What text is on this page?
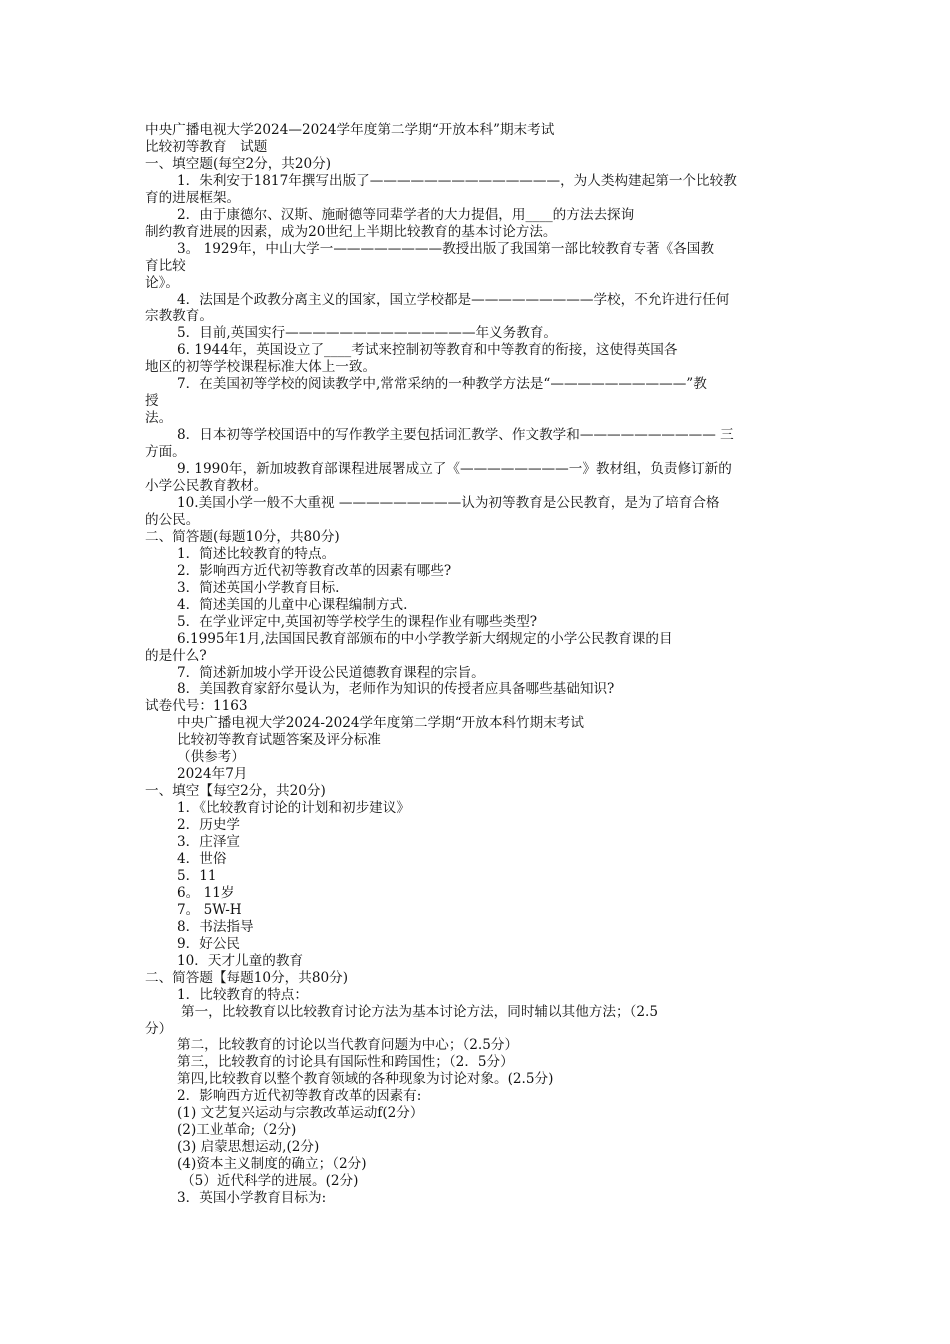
中央广播电视大学2024—2024学年度第二学期“开放本科”期末考试
比较初等教育　试题
一、填空题(每空2分，共20分)
1．朱利安于1817年撰写出版了——————————————，为人类构建起第一个比较教
育的进展框架。
2．由于康德尔、汉斯、施耐德等同辈学者的大力提倡，用____的方法去探询
制约教育进展的因素，成为20世纪上半期比较教育的基本讨论方法。
3。 1929年，中山大学一————————教授出版了我国第一部比较教育专著《各国教
育比较
论》。
4．法国是个政教分离主义的国家，国立学校都是—————————学校，不允许进行任何
宗教教育。
5．目前,英国实行——————————————年义务教育。
6. 1944年，英国设立了____考试来控制初等教育和中等教育的衔接，这使得英国各
地区的初等学校课程标准大体上一致。
7．在美国初等学校的阅读教学中,常常采纳的一种教学方法是“——————————”教
授
法。
8．日本初等学校国语中的写作教学主要包括词汇教学、作文教学和—————————— 三
方面。
9. 1990年，新加坡教育部课程进展署成立了《————————一》教材组，负责修订新的
小学公民教育教材。
10.美国小学一般不大重视 —————————认为初等教育是公民教育，是为了培育合格
的公民。
二、简答题(每题10分，共80分)
1．简述比较教育的特点。
2．影响西方近代初等教育改革的因素有哪些?
3．简述英国小学教育目标.
4．简述美国的儿童中心课程编制方式.
5．在学业评定中,英国初等学校学生的课程作业有哪些类型?
6.1995年1月,法国国民教育部颁布的中小学教学新大纲规定的小学公民教育课的目
的是什么?
7．简述新加坡小学开设公民道德教育课程的宗旨。
8．美国教育家舒尔曼认为，老师作为知识的传授者应具备哪些基础知识?
试卷代号：1163
中央广播电视大学2024-2024学年度第二学期“开放本科竹期末考试
比较初等教育试题答案及评分标准
（供参考）
2024年7月
一、填空【每空2分，共20分)
1．《比较教育讨论的计划和初步建议》
2．历史学
3．庄泽宣
4．世俗
5．11
6。 11岁
7。 5W-H
8．书法指导
9．好公民
10．天才儿童的教育
二、简答题【每题10分，共80分)
1．比较教育的特点：
第一，比较教育以比较教育讨论方法为基本讨论方法，同时辅以其他方法；（2.5
分）
第二，比较教育的讨论以当代教育问题为中心；（2.5分）
第三，比较教育的讨论具有国际性和跨国性；（2．5分）
第四,比较教育以整个教育领域的各种现象为讨论对象。(2.5分)
2．影响西方近代初等教育改革的因素有:
(1) 文艺复兴运动与宗教改革运动f(2分）
(2)工业革命;（2分)
(3) 启蒙思想运动,(2分)
(4)资本主义制度的确立；（2分)
（5）近代科学的进展。(2分)
3．英国小学教育目标为:
